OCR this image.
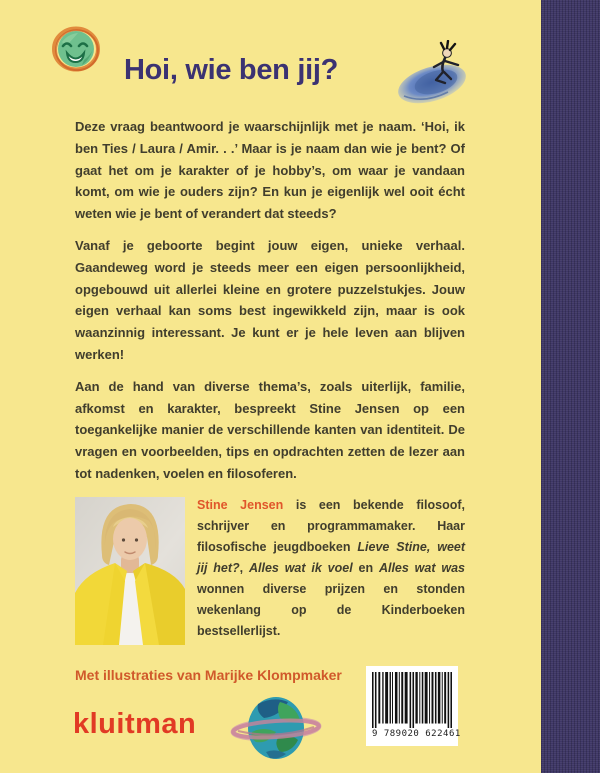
Hoi, wie ben jij?

Deze vraag beantwoord je waarschijnlijk met je naam. ‘Hoi, ik ben Ties / Laura / Amir. . .’ Maar is je naam dan wie je bent? Of gaat het om je karakter of je hobby’s, om waar je vandaan komt, om wie je ouders zijn? En kun je eigenlijk wel ooit écht weten wie je bent of verandert dat steeds?

Vanaf je geboorte begint jouw eigen, unieke verhaal. Gaandeweg word je steeds meer een eigen persoonlijkheid, opgebouwd uit allerlei kleine en grotere puzzelstukjes. Jouw eigen verhaal kan soms best ingewikkeld zijn, maar is ook waanzinnig interessant. Je kunt er je hele leven aan blijven werken!

Aan de hand van diverse thema’s, zoals uiterlijk, familie, afkomst en karakter, bespreekt Stine Jensen op een toegankelijke manier de verschillende kanten van identiteit. De vragen en voorbeelden, tips en opdrachten zetten de lezer aan tot nadenken, voelen en filosoferen.

Stine Jensen is een bekende filosoof, schrijver en programmamaker. Haar filosofische jeugdboeken Lieve Stine, weet jij het?, Alles wat ik voel en Alles wat was wonnen diverse prijzen en stonden wekenlang op de Kinderboeken bestsellerlijst.

Met illustraties van Marijke Klompmaker

kluitman	9 789020 622461
